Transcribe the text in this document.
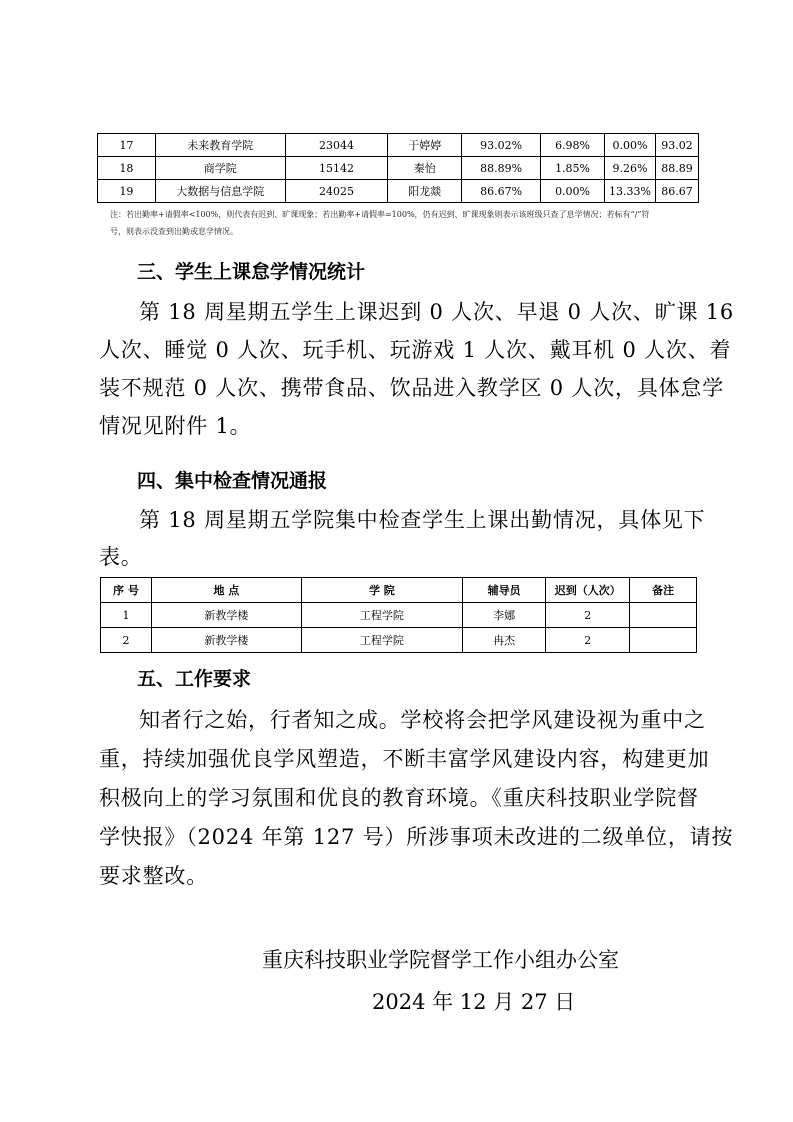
17	未来教育学院	23044	于婷婷	93.02%	6.98%	0.00%	93.02
18	商学院	15142	秦怡	88.89%	1.85%	9.26%	88.89
19	大数据与信息学院	24025	阳龙燚	86.67%	0.00%	13.33%	86.67
注：若出勤率+请假率<100%，则代表有迟到、旷课现象；若出勤率+请假率=100%，仍有迟到、旷课现象则表示该班级只查了息学情况；若标有“/”符
号，则表示没查到出勤或息学情况。
三、学生上课怠学情况统计
第 18 周星期五学生上课迟到 0 人次、早退 0 人次、旷课 16
人次、睡觉 0 人次、玩手机、玩游戏 1 人次、戴耳机 0 人次、着
装不规范 0 人次、携带食品、饮品进入教学区 0 人次，具体怠学
情况见附件 1。
四、集中检查情况通报
第 18 周星期五学院集中检查学生上课出勤情况，具体见下
表。
序 号	地 点	学 院	辅导员	迟到（人次）	备注
1	新教学楼	工程学院	李娜	2	
2	新教学楼	工程学院	冉杰	2	
五、工作要求
知者行之始，行者知之成。学校将会把学风建设视为重中之
重，持续加强优良学风塑造，不断丰富学风建设内容，构建更加
积极向上的学习氛围和优良的教育环境。《重庆科技职业学院督
学快报》（2024 年第 127 号）所涉事项未改进的二级单位，请按
要求整改。
重庆科技职业学院督学工作小组办公室
2024 年 12 月 27 日
